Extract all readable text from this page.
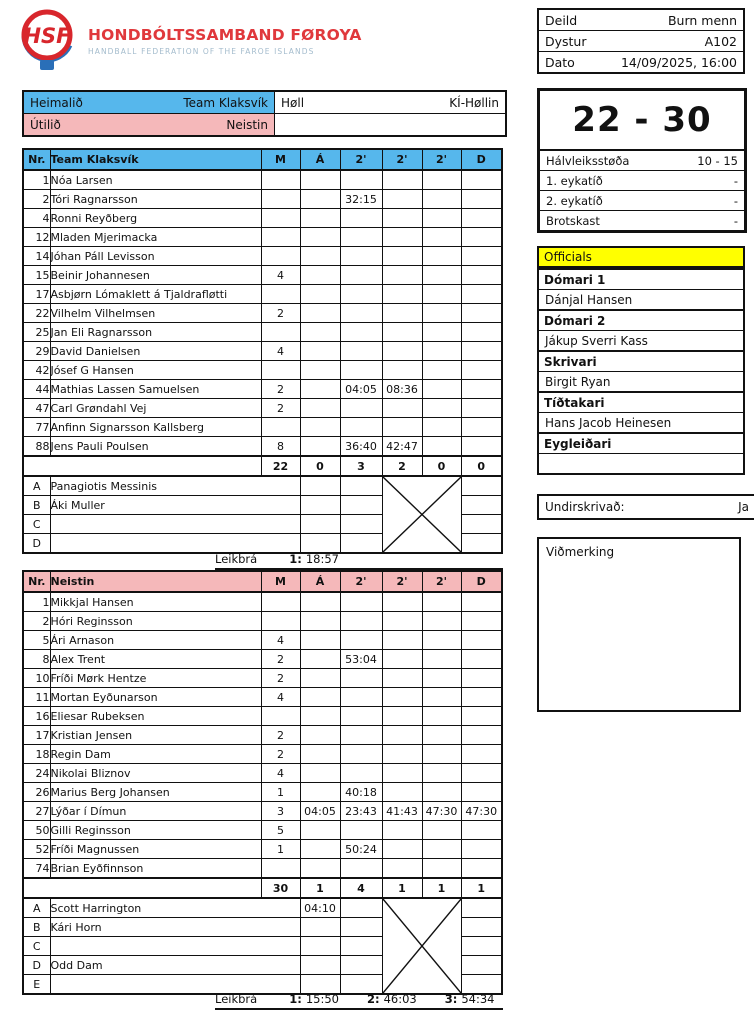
HSF HONDBÓLTSSAMBAND FØROYA
HANDBALL FEDERATION OF THE FAROE ISLANDS
Deild	Burn menn
Dystur	A102
Dato	14/09/2025, 16:00
Heimalið	Team Klaksvík Høll	KÍ-Høllin
Útilið	Neistin
Nr.	Team Klaksvík	M	Á	2'	2'	2'	D
1	Nóa Larsen						
2	Tóri Ragnarsson			32:15			
4	Ronni Reyðberg						
12	Mladen Mjerimacka						
14	Jóhan Páll Levisson						
15	Beinir Johannesen	4					
17	Asbjørn Lómaklett á Tjaldrafløtti						
22	Vilhelm Vilhelmsen	2					
25	Jan Eli Ragnarsson						
29	David Danielsen	4					
42	Jósef G Hansen						
44	Mathias Lassen Samuelsen	2		04:05	08:36		
47	Carl Grøndahl Vej	2					
77	Anfinn Signarsson Kallsberg						
88	Jens Pauli Poulsen	8		36:40	42:47		
		22	0	3	2	0	0
A	Panagiotis Messinis			

B	Áki Muller						
C							
D							
Leikbrá	1: 18:57
Nr.	Neistin	M	Á	2'	2'	2'	D
1	Mikkjal Hansen						
2	Hóri Reginsson						
5	Ári Arnason	4					
8	Alex Trent	2		53:04			
10	Fríði Mørk Hentze	2					
11	Mortan Eyðunarson	4					
16	Eliesar Rubeksen						
17	Kristian Jensen	2					
18	Regin Dam	2					
24	Nikolai Bliznov	4					
26	Marius Berg Johansen	1		40:18			
27	Lýðar í Dímun	3	04:05	23:43	41:43	47:30	47:30
50	Gilli Reginsson	5					
52	Fríði Magnussen	1		50:24			
74	Brian Eyðfinnson						
		30	1	4	1	1	1
A	Scott Harrington		04:10		

B	Kári Horn						
C							
D	Odd Dam						
E							
Leikbrá	1: 15:50 2: 46:03 3: 54:34
22 - 30
Hálvleiksstøða	10 - 15
1. eykatíð	-
2. eykatíð	-
Brotskast	-
Officials
Dómari 1
Dánjal Hansen
Dómari 2
Jákup Sverri Kass
Skrivari
Birgit Ryan
Tíðtakari
Hans Jacob Heinesen
Eygleiðari
Undirskrivað:	Ja
Viðmerking
